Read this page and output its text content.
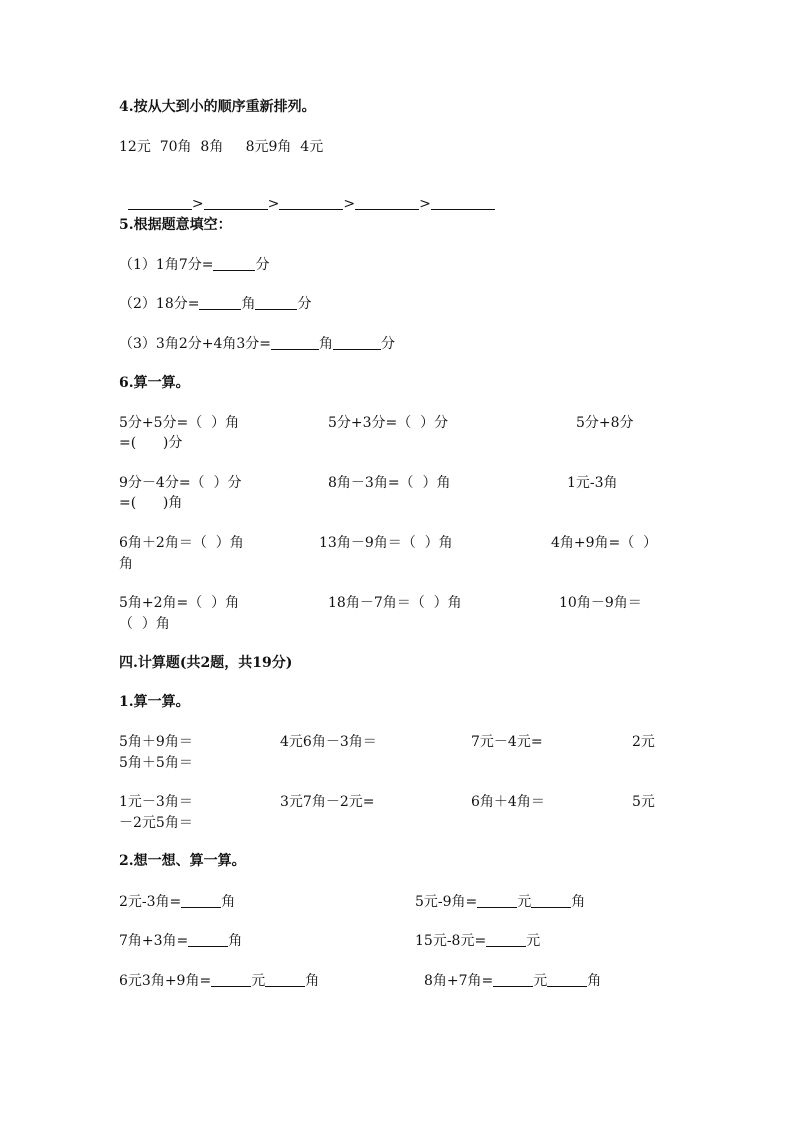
4.按从大到小的顺序重新排列。
12元  70角  8角     8元9角  4元

>	>	>	>

5.根据题意填空：
（1）1角7分=	分
（2）18分=	角	分
（3）3角2分+4角3分=	角	分
6.算一算。
5分+5分=（  ）角	5分+3分=（  ）分	5分+8分
=(      )分
9分－4分=（  ）分	8角－3角=（  ）角	1元-3角
=(      )角
6角＋2角＝（  ）角	13角－9角＝（  ）角	4角+9角=（  ）
角
5角+2角=（  ）角	18角－7角＝（  ）角	10角－9角＝
（  ）角
四.计算题(共2题，共19分)
1.算一算。
5角＋9角＝	4元6角－3角＝	7元－4元=	2元
5角＋5角＝
1元－3角＝	3元7角－2元=	6角＋4角＝	5元
－2元5角＝
2.想一想、算一算。
2元-3角=	角	5元-9角=	元	角
7角+3角=	角	15元-8元=	元
6元3角+9角=	元	角	8角+7角=	元	角
